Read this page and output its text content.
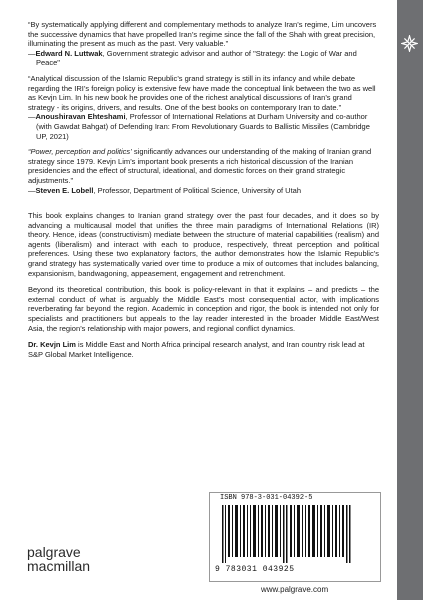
“By systematically applying different and complementary methods to analyze Iran’s regime, Lim uncovers the successive dynamics that have propelled Iran’s regime since the fall of the Shah with great precision, illuminating the present as much as the past. Very valuable.”
—Edward N. Luttwak, Government strategic advisor and author of "Strategy: the Logic of War and Peace"
“Analytical discussion of the Islamic Republic’s grand strategy is still in its infancy and while debate regarding the IRI’s foreign policy is extensive few have made the conceptual link between the two as well as Kevjn Lim. In his new book he provides one of the richest analytical discussions of Iran’s grand strategy - its origins, drivers, and results. One of the best books on contemporary Iran to date.”
—Anoushiravan Ehteshami, Professor of International Relations at Durham University and co-author (with Gawdat Bahgat) of Defending Iran: From Revolutionary Guards to Ballistic Missiles (Cambridge UP, 2021)
“Power, perception and politics’ significantly advances our understanding of the making of Iranian grand strategy since 1979. Kevjn Lim’s important book presents a rich historical discussion of the Iranian presidencies and the effect of structural, ideational, and domestic forces on their grand strategic adjustments.”
—Steven E. Lobell, Professor, Department of Political Science, University of Utah

This book explains changes to Iranian grand strategy over the past four decades, and it does so by advancing a multicausal model that unifies the three main paradigms of International Relations (IR) theory. Hence, ideas (constructivism) mediate between the structure of material capabilities (realism) and agents (liberalism) and interact with each to produce, respectively, threat perception and political preferences. Using these two explanatory factors, the author demonstrates how the Islamic Republic’s grand strategy has systematically varied over time to produce a mix of outcomes that includes balancing, expansionism, bandwagoning, appeasement, engagement and retrenchment.

Beyond its theoretical contribution, this book is policy-relevant in that it explains – and predicts – the external conduct of what is arguably the Middle East’s most consequential actor, with implications reverberating far beyond the region. Academic in conception and rigor, the book is intended not only for specialists and practitioners but appeals to the lay reader interested in the broader Middle East/West Asia, the region’s relationship with major powers, and regional conflict dynamics.

Dr. Kevjn Lim is Middle East and North Africa principal research analyst, and Iran country risk lead at S&P Global Market Intelligence.

ISBN 978-3-031-04392-5
9 783031 043925
palgrave
macmillan
www.palgrave.com
